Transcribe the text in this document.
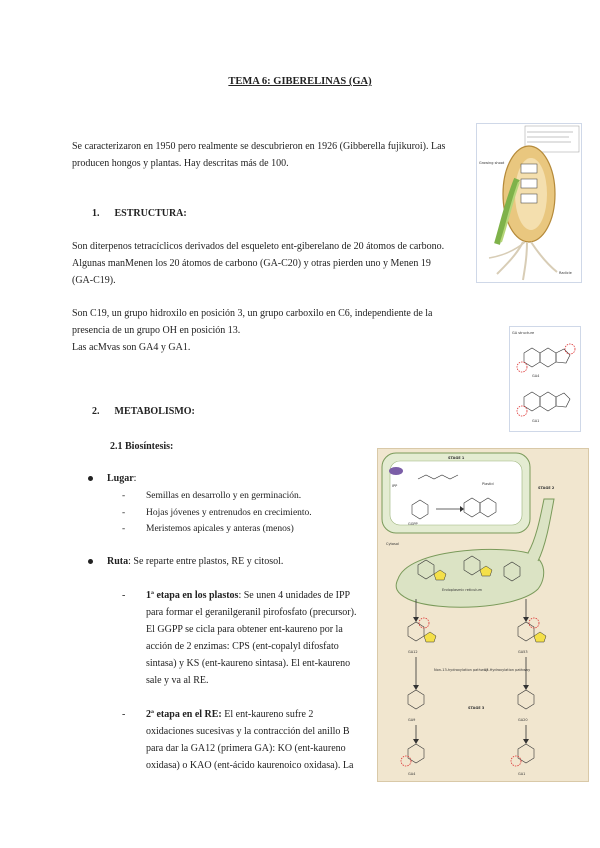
TEMA 6: GIBERELINAS (GA)
Se caracterizaron en 1950 pero realmente se descubrieron en 1926 (Gibberella fujikuroi). Las
producen hongos y plantas. Hay descritas más de 100.
1. ESTRUCTURA:
Son diterpenos tetracíclicos derivados del esqueleto ent-giberelano de 20 átomos de carbono.
Algunas manMenen los 20 átomos de carbono (GA-C20) y otras pierden uno y Menen 19
(GA-C19).
Son C19, un grupo hidroxilo en posición 3, un grupo carboxilo en C6, independiente de la
presencia de un grupo OH en posición 13.
Las acMvas son GA4 y GA1.
2. METABOLISMO:
2.1 Biosíntesis:
Lugar:
- Semillas en desarrollo y en germinación.
- Hojas jóvenes y entrenudos en crecimiento.
- Meristemos apicales y anteras (menos)
Ruta: Se reparte entre plastos, RE y citosol.
- 1ª etapa en los plastos: Se unen 4 unidades de IPP
para formar el geranilgeranil pirofosfato (precursor).
El GGPP se cicla para obtener ent-kaureno por la
acción de 2 enzimas: CPS (ent-copalyl difosfato
sintasa) y KS (ent-kaureno sintasa). El ent-kaureno
sale y va al RE.
- 2ª etapa en el RE: El ent-kaureno sufre 2
oxidaciones sucesivas y la contracción del anillo B
para dar la GA12 (primera GA): KO (ent-kaureno
oxidasa) o KAO (ent-ácido kaurenoico oxidasa). La
Growing shoot
Radicle
GA structure
GA4
GA1
STAGE 1
Plastid
IPP
GGPP
STAGE 2
Cytosol
Endoplasmic reticulum
GA12	GA53
Non-13-hydroxylation pathway
13-Hydroxylation pathway
GA9	GA20
STAGE 3
GA4	GA1
